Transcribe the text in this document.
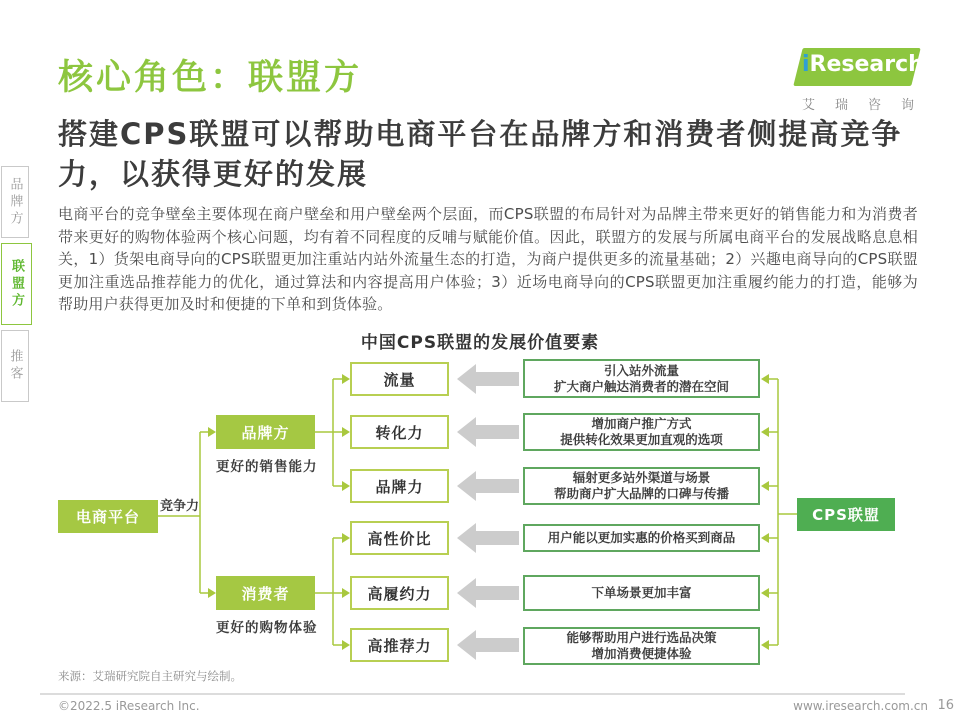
核心角色：联盟方	iResearch
艾 瑞 咨 询
搭建CPS联盟可以帮助电商平台在品牌方和消费者侧提高竞争力，以获得更好的发展
电商平台的竞争壁垒主要体现在商户壁垒和用户壁垒两个层面，而CPS联盟的布局针对为品牌主带来更好的销售能力和为消费者带来更好的购物体验两个核心问题，均有着不同程度的反哺与赋能价值。因此，联盟方的发展与所属电商平台的发展战略息息相关，1）货架电商导向的CPS联盟更加注重站内站外流量生态的打造，为商户提供更多的流量基础；2）兴趣电商导向的CPS联盟更加注重选品推荐能力的优化，通过算法和内容提高用户体验；3）近场电商导向的CPS联盟更加注重履约能力的打造，能够为帮助用户获得更加及时和便捷的下单和到货体验。
品牌方
联盟方
推客
中国CPS联盟的发展价值要素
电商平台
竞争力
品牌方
更好的销售能力
消费者
更好的购物体验
流量
转化力
品牌力
高性价比
高履约力
高推荐力
引入站外流量
扩大商户触达消费者的潜在空间
增加商户推广方式
提供转化效果更加直观的选项
辐射更多站外渠道与场景
帮助商户扩大品牌的口碑与传播
用户能以更加实惠的价格买到商品
下单场景更加丰富
能够帮助用户进行选品决策
增加消费便捷体验
CPS联盟
来源：艾瑞研究院自主研究与绘制。
©2022.5 iResearch Inc.	www.iresearch.com.cn 16
